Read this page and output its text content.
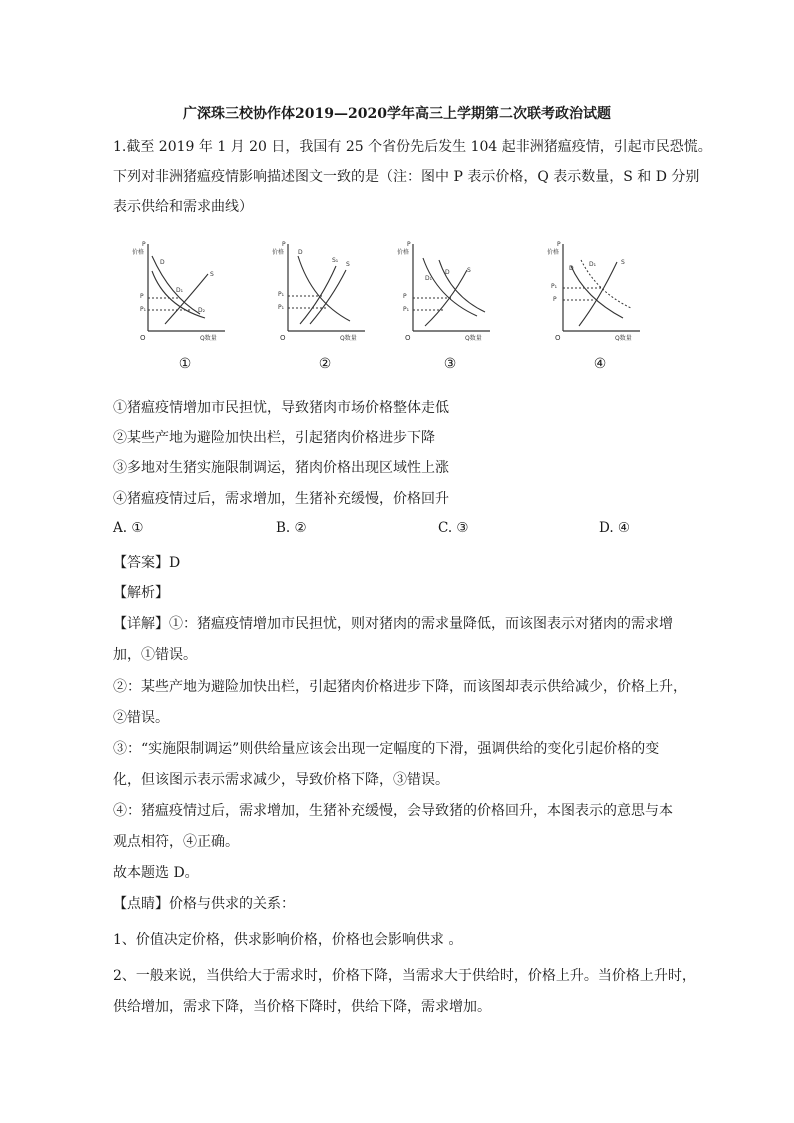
广深珠三校协作体2019—2020学年高三上学期第二次联考政治试题
1.截至 2019 年 1 月 20 日，我国有 25 个省份先后发生 104 起非洲猪瘟疫情，引起市民恐慌。
下列对非洲猪瘟疫情影响描述图文一致的是（注：图中 P 表示价格，Q 表示数量，S 和 D 分别
表示供给和需求曲线）
P
价格
Q数量
O
D
D₁
S
P
P₁	D₂
①
P
价格
Q数量
O
D
S₁
S
P₁
P₁
②
P
价格
Q数量
O
D₁
D	S
P
P₁
③
P
价格
Q数量
O
D
D₁	S
P₁
P
④
①猪瘟疫情增加市民担忧，导致猪肉市场价格整体走低
②某些产地为避险加快出栏，引起猪肉价格进步下降
③多地对生猪实施限制调运，猪肉价格出现区域性上涨
④猪瘟疫情过后，需求增加，生猪补充缓慢，价格回升
A. ①	B. ②	C. ③	D. ④
【答案】D
【解析】
【详解】①：猪瘟疫情增加市民担忧，则对猪肉的需求量降低，而该图表示对猪肉的需求增
加，①错误。
②：某些产地为避险加快出栏，引起猪肉价格进步下降，而该图却表示供给减少，价格上升，
②错误。
③：“实施限制调运”则供给量应该会出现一定幅度的下滑，强调供给的变化引起价格的变
化，但该图示表示需求减少，导致价格下降，③错误。
④：猪瘟疫情过后，需求增加，生猪补充缓慢，会导致猪的价格回升，本图表示的意思与本
观点相符，④正确。
故本题选 D。
【点睛】价格与供求的关系：
1、价值决定价格，供求影响价格，价格也会影响供求 。
2、一般来说，当供给大于需求时，价格下降，当需求大于供给时，价格上升。当价格上升时，
供给增加，需求下降，当价格下降时，供给下降，需求增加。
